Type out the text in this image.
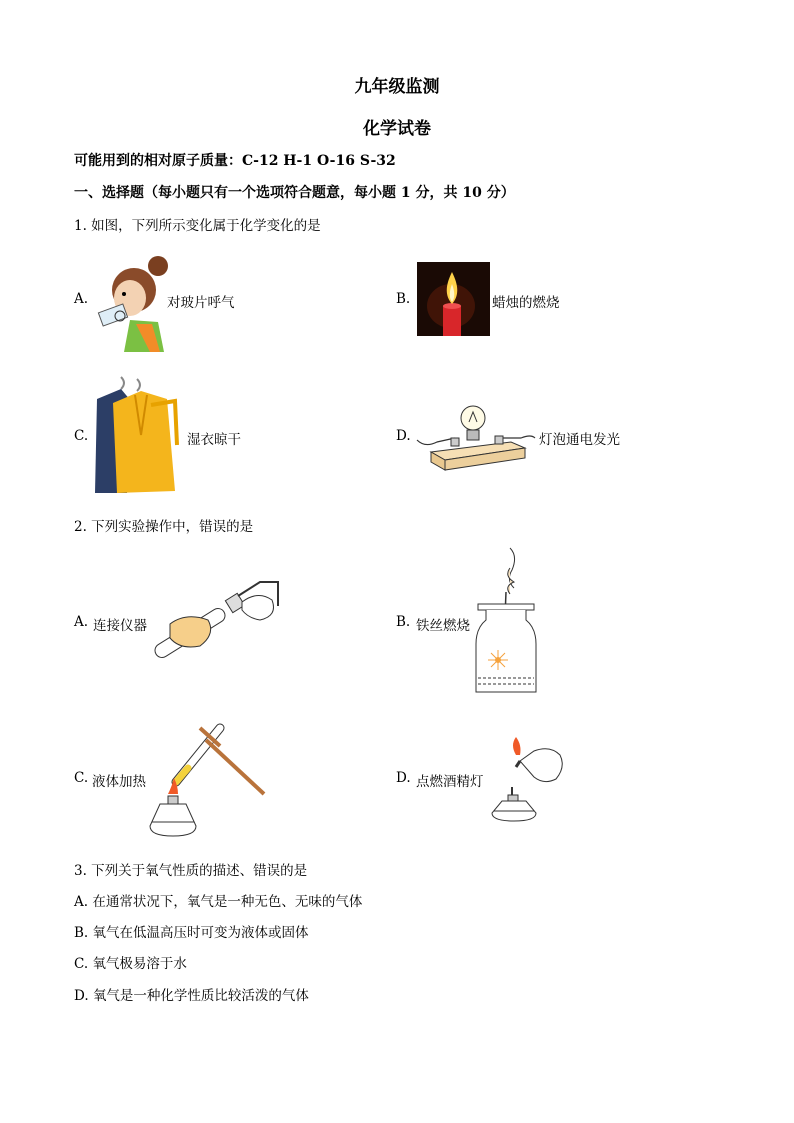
九年级监测
化学试卷
可能用到的相对原子质量：C-12 H-1 O-16 S-32
一、选择题（每小题只有一个选项符合题意，每小题 1 分，共 10 分）
1. 如图，下列所示变化属于化学变化的是
A.	对玻片呼气	B.	蜡烛的燃烧
C.	湿衣晾干	D.	灯泡通电发光
2. 下列实验操作中，错误的是
A. 连接仪器	B. 铁丝燃烧
C. 液体加热	D. 点燃酒精灯
3. 下列关于氧气性质的描述、错误的是
A. 在通常状况下，氧气是一种无色、无味的气体
B. 氧气在低温高压时可变为液体或固体
C. 氧气极易溶于水
D. 氧气是一种化学性质比较活泼的气体
